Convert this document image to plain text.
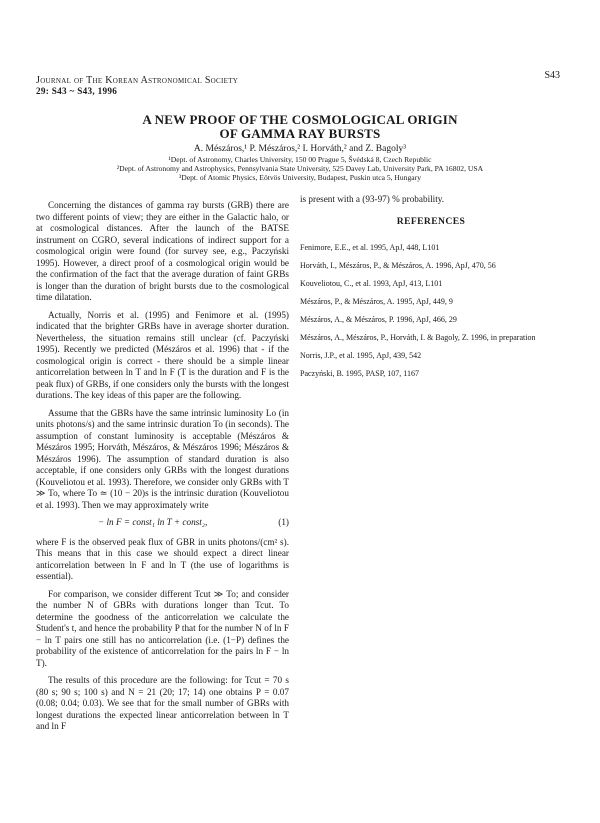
Journal of The Korean Astronomical Society
29: S43 ~ S43, 1996
S43
A NEW PROOF OF THE COSMOLOGICAL ORIGIN
OF GAMMA RAY BURSTS
A. Mészáros,¹ P. Mészáros,² I. Horváth,² and Z. Bagoly³
¹Dept. of Astronomy, Charles University, 150 00 Prague 5, Švédská 8, Czech Republic
²Dept. of Astronomy and Astrophysics, Pennsylvania State University, 525 Davey Lab, University Park, PA 16802, USA
³Dept. of Atomic Physics, Eötvös University, Budapest, Puskin utca 5, Hungary

Concerning the distances of gamma ray bursts (GRB) there are two different points of view; they are either in the Galactic halo, or at cosmological distances. After the launch of the BATSE instrument on CGRO, several indications of indirect support for a cosmological origin were found (for survey see, e.g., Paczyński 1995). However, a direct proof of a cosmological origin would be the confirmation of the fact that the average duration of faint GRBs is longer than the duration of bright bursts due to the cosmological time dilatation.

Actually, Norris et al. (1995) and Fenimore et al. (1995) indicated that the brighter GRBs have in average shorter duration. Nevertheless, the situation remains still unclear (cf. Paczyński 1995). Recently we predicted (Mészáros et al. 1996) that - if the cosmological origin is correct - there should be a simple linear anticorrelation between ln T and ln F (T is the duration and F is the peak flux) of GRBs, if one considers only the bursts with the longest durations. The key ideas of this paper are the following.

Assume that the GBRs have the same intrinsic luminosity Lo (in units photons/s) and the same intrinsic duration To (in seconds). The assumption of constant luminosity is acceptable (Mészáros & Mészáros 1995; Horváth, Mészáros, & Mészáros 1996; Mészáros & Mészáros 1996). The assumption of standard duration is also acceptable, if one considers only GRBs with the longest durations (Kouveliotou et al. 1993). Therefore, we consider only GRBs with T ≫ To, where To ≃ (10 − 20)s is the intrinsic duration (Kouveliotou et al. 1993). Then we may approximately write

− ln F = const₁ ln T + const₂,	(1)

where F is the observed peak flux of GBR in units photons/(cm² s). This means that in this case we should expect a direct linear anticorrelation between ln F and ln T (the use of logarithms is essential).

For comparison, we consider different Tcut ≫ To; and consider the number N of GBRs with durations longer than Tcut. To determine the goodness of the anticorrelation we calculate the Student's t, and hence the probability P that for the number N of ln F − ln T pairs one still has no anticorrelation (i.e. (1−P) defines the probability of the existence of anticorrelation for the pairs ln F − ln T).

The results of this procedure are the following: for Tcut = 70 s (80 s; 90 s; 100 s) and N = 21 (20; 17; 14) one obtains P = 0.07 (0.08; 0.04; 0.03). We see that for the small number of GBRs with longest durations the expected linear anticorrelation between ln T and ln F

is present with a (93-97) % probability.

REFERENCES
Fenimore, E.E., et al. 1995, ApJ, 448, L101
Horváth, I., Mészáros, P., & Mészáros, A. 1996, ApJ, 470, 56
Kouveliotou, C., et al. 1993, ApJ, 413, L101
Mészáros, P., & Mészáros, A. 1995, ApJ, 449, 9
Mészáros, A., & Mészáros, P. 1996, ApJ, 466, 29
Mészáros, A., Mészáros, P., Horváth, I. & Bagoly, Z. 1996, in preparation
Norris, J.P., et al. 1995, ApJ, 439, 542
Paczyński, B. 1995, PASP, 107, 1167
